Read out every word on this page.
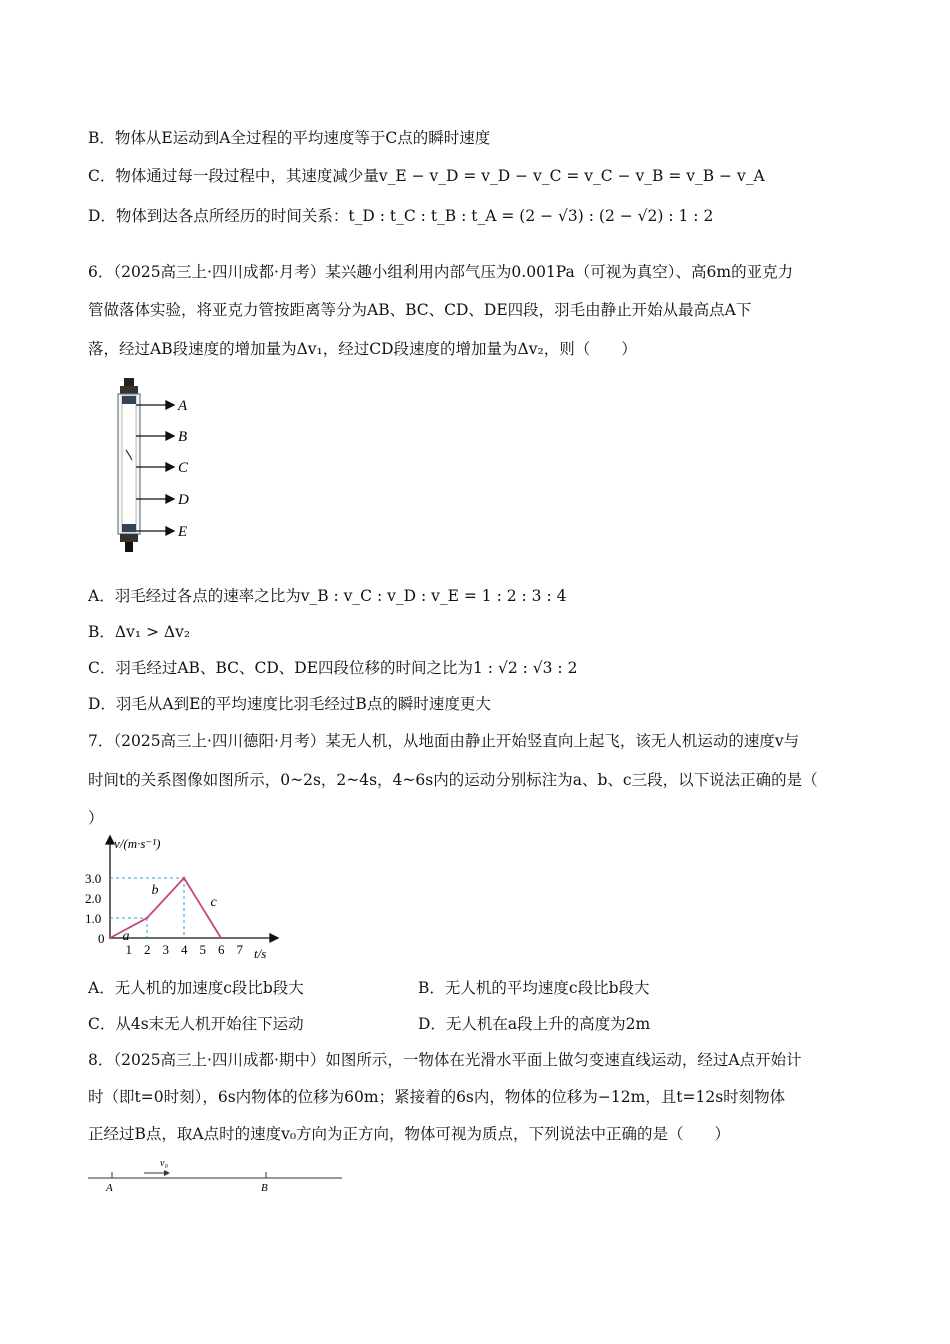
B．物体从E运动到A全过程的平均速度等于C点的瞬时速度
C．物体通过每一段过程中，其速度减少量v_E − v_D = v_D − v_C = v_C − v_B = v_B − v_A
D．物体到达各点所经历的时间关系：t_D : t_C : t_B : t_A = (2 − √3) : (2 − √2) : 1 : 2
6．（2025高三上·四川成都·月考）某兴趣小组利用内部气压为0.001Pa（可视为真空）、高6m的亚克力
管做落体实验，将亚克力管按距离等分为AB、BC、CD、DE四段，羽毛由静止开始从最高点A下
落，经过AB段速度的增加量为Δv₁，经过CD段速度的增加量为Δv₂，则（　　）
A
B
C
D
E
A．羽毛经过各点的速率之比为v_B : v_C : v_D : v_E = 1 : 2 : 3 : 4
B．Δv₁ > Δv₂
C．羽毛经过AB、BC、CD、DE四段位移的时间之比为1 : √2 : √3 : 2
D．羽毛从A到E的平均速度比羽毛经过B点的瞬时速度更大
7．（2025高三上·四川德阳·月考）某无人机，从地面由静止开始竖直向上起飞，该无人机运动的速度v与
时间t的关系图像如图所示，0~2s，2~4s，4~6s内的运动分别标注为a、b、c三段，以下说法正确的是（
）
1 2 3 4 5 6 7
0
1.0
2.0
3.0
v/(m·s⁻¹)
t/s
a
b
c
A．无人机的加速度c段比b段大	B．无人机的平均速度c段比b段大
C．从4s末无人机开始往下运动	D．无人机在a段上升的高度为2m
8．（2025高三上·四川成都·期中）如图所示，一物体在光滑水平面上做匀变速直线运动，经过A点开始计
时（即t=0时刻），6s内物体的位移为60m；紧接着的6s内，物体的位移为−12m，且t=12s时刻物体
正经过B点，取A点时的速度v₀方向为正方向，物体可视为质点，下列说法中正确的是（　　）
v₀
A	B
